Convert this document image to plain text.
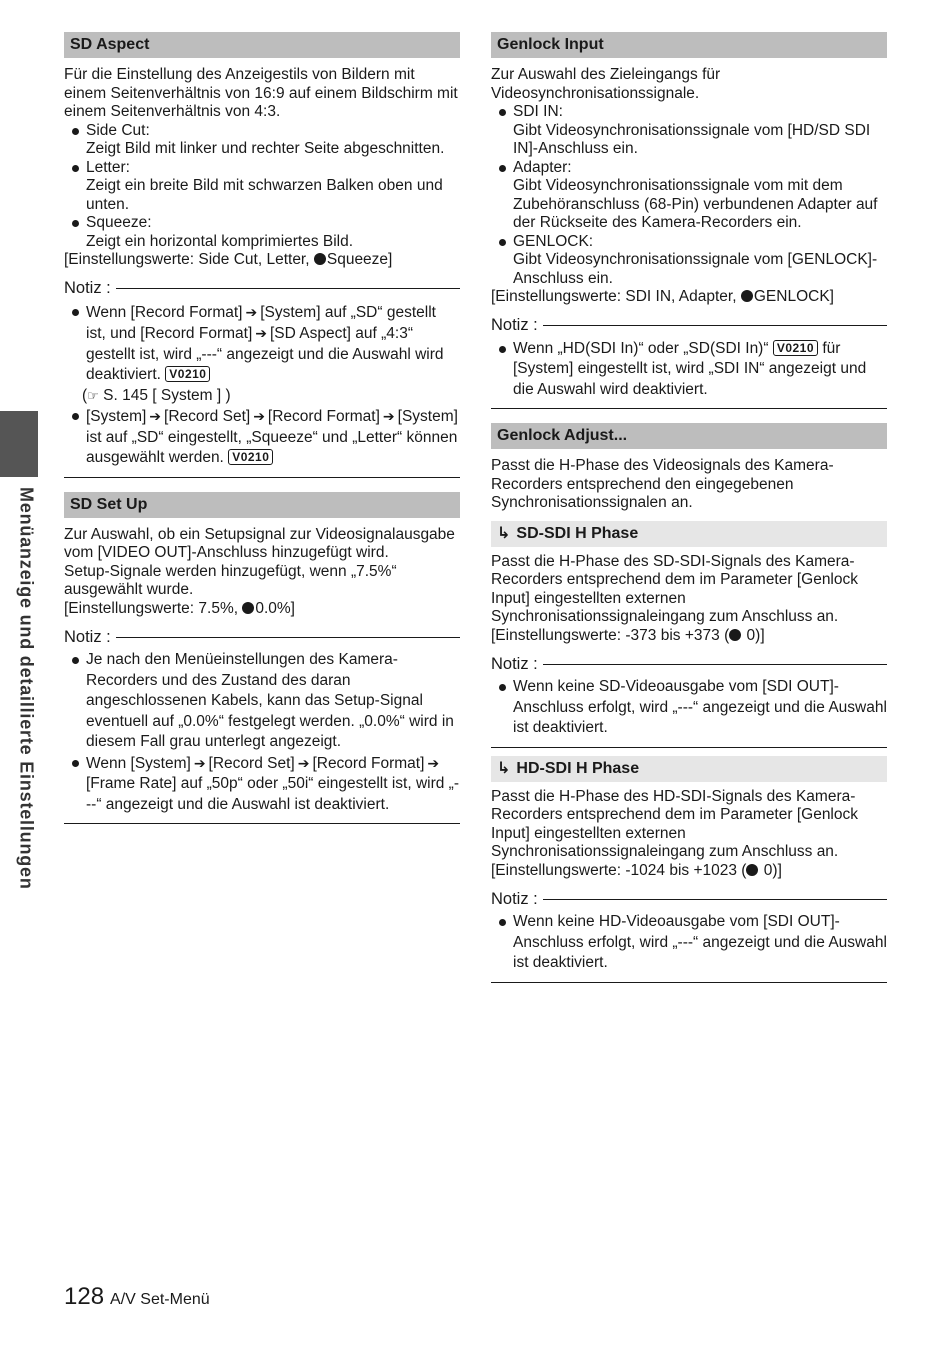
Menüanzeige und detaillierte Einstellungen
SD Aspect

Für die Einstellung des Anzeigestils von Bildern mit einem Seitenverhältnis von 16:9 auf einem Bildschirm mit einem Seitenverhältnis von 4:3.

Side Cut:
Zeigt Bild mit linker und rechter Seite abgeschnitten.
Letter:
Zeigt ein breite Bild mit schwarzen Balken oben und unten.
Squeeze:
Zeigt ein horizontal komprimiertes Bild.

[Einstellungswerte: Side Cut, Letter, Squeeze]

Notiz :
Wenn [Record Format] ➔ [System] auf „SD“ gestellt ist, und [Record Format] ➔ [SD Aspect] auf „4:3“ gestellt ist, wird „---“ angezeigt und die Auswahl wird deaktiviert. V0210
(☞ S. 145 [ System ] )
[System] ➔ [Record Set] ➔ [Record Format] ➔ [System] ist auf „SD“ eingestellt, „Squeeze“ und „Letter“ können ausgewählt werden. V0210
SD Set Up

Zur Auswahl, ob ein Setupsignal zur Videosignalausgabe vom [VIDEO OUT]-Anschluss hinzugefügt wird.

Setup-Signale werden hinzugefügt, wenn „7.5%“ ausgewählt wurde.

[Einstellungswerte: 7.5%, 0.0%]

Notiz :
Je nach den Menüeinstellungen des Kamera-Recorders und des Zustand des daran angeschlossenen Kabels, kann das Setup-Signal eventuell auf „0.0%“ festgelegt werden. „0.0%“ wird in diesem Fall grau unterlegt angezeigt.
Wenn [System] ➔ [Record Set] ➔ [Record Format] ➔[Frame Rate] auf „50p“ oder „50i“ eingestellt ist, wird „---“ angezeigt und die Auswahl ist deaktiviert.
Genlock Input

Zur Auswahl des Zieleingangs für Videosynchronisationssignale.

SDI IN:
Gibt Videosynchronisationssignale vom [HD/SD SDI IN]-Anschluss ein.
Adapter:
Gibt Videosynchronisationssignale vom mit dem Zubehöranschluss (68-Pin) verbundenen Adapter auf der Rückseite des Kamera-Recorders ein.
GENLOCK:
Gibt Videosynchronisationssignale vom [GENLOCK]-Anschluss ein.

[Einstellungswerte: SDI IN, Adapter, GENLOCK]

Notiz :
Wenn „HD(SDI In)“ oder „SD(SDI In)“ V0210 für [System] eingestellt ist, wird „SDI IN“ angezeigt und die Auswahl wird deaktiviert.
Genlock Adjust...

Passt die H-Phase des Videosignals des Kamera-Recorders entsprechend den eingegebenen Synchronisationssignalen an.

↳ SD-SDI H Phase

Passt die H-Phase des SD-SDI-Signals des Kamera-Recorders entsprechend dem im Parameter [Genlock Input] eingestellten externen Synchronisationssignaleingang zum Anschluss an.

[Einstellungswerte: -373 bis +373 ( 0)]

Notiz :
Wenn keine SD-Videoausgabe vom [SDI OUT]-Anschluss erfolgt, wird „---“ angezeigt und die Auswahl ist deaktiviert.
↳ HD-SDI H Phase

Passt die H-Phase des HD-SDI-Signals des Kamera-Recorders entsprechend dem im Parameter [Genlock Input] eingestellten externen Synchronisationssignaleingang zum Anschluss an.

[Einstellungswerte: -1024 bis +1023 ( 0)]

Notiz :
Wenn keine HD-Videoausgabe vom [SDI OUT]-Anschluss erfolgt, wird „---“ angezeigt und die Auswahl ist deaktiviert.
128 A/V Set-Menü
